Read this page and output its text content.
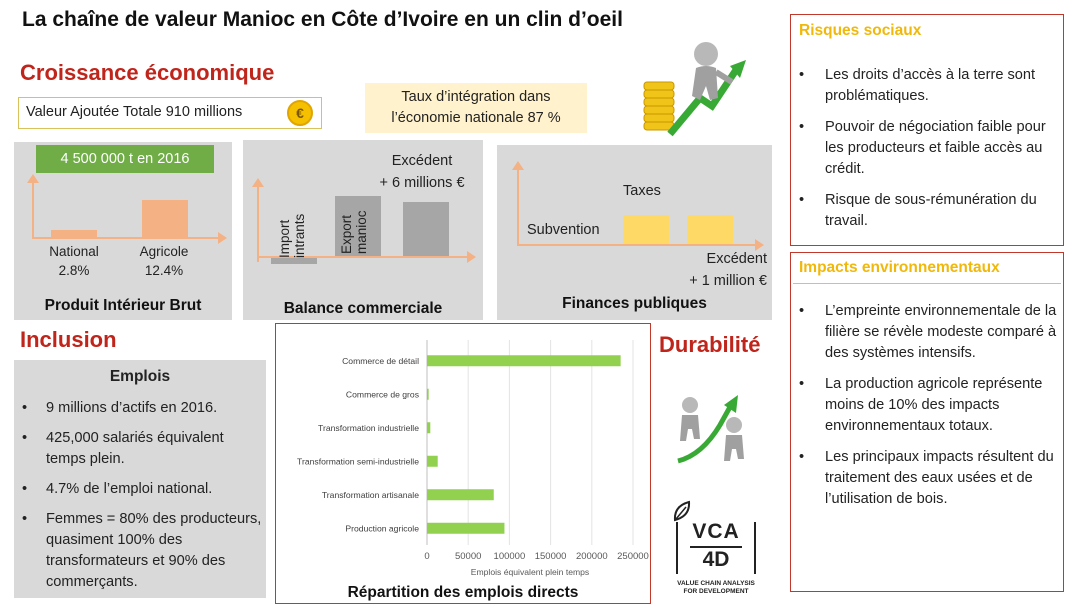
La chaîne de valeur Manioc en Côte d’Ivoire en un clin d’oeil
Croissance économique
Valeur Ajoutée Totale 910 millions	€
Taux d’intégration dans
l’économie nationale 87 %
4 500 000 t en 2016
National
2.8%
Agricole
12.4%
Produit Intérieur Brut
Excédent
+ 6 millions €
Import
intrants Export
manioc
Balance commerciale
Taxes
Subvention
Excédent
+ 1 million €
Finances publiques
Inclusion
Emplois
• 9 millions d’actifs en 2016.
• 425,000 salariés équivalent temps plein.
• 4.7% de l’emploi national.
• Femmes = 80% des producteurs, quasiment 100% des transformateurs et 90% des commerçants.
0	50000 100000 150000 200000 250000
Commerce de détail
Commerce de gros
Transformation industrielle
Transformation semi-industrielle
Transformation artisanale
Production agricole
Emplois équivalent plein temps
Répartition des emplois directs
Durabilité
VCA
4D
VALUE CHAIN ANALYSIS
FOR DEVELOPMENT
Risques sociaux
• Les droits d’accès à la terre sont problématiques.
• Pouvoir de négociation faible pour les producteurs et faible accès au crédit.
• Risque de sous-rémunération du travail.
Impacts environnementaux
• L’empreinte environnementale de la filière se révèle modeste comparé à des systèmes intensifs.
• La production agricole représente moins de 10% des impacts environnementaux totaux.
• Les principaux impacts résultent du traitement des eaux usées et de l’utilisation de bois.
